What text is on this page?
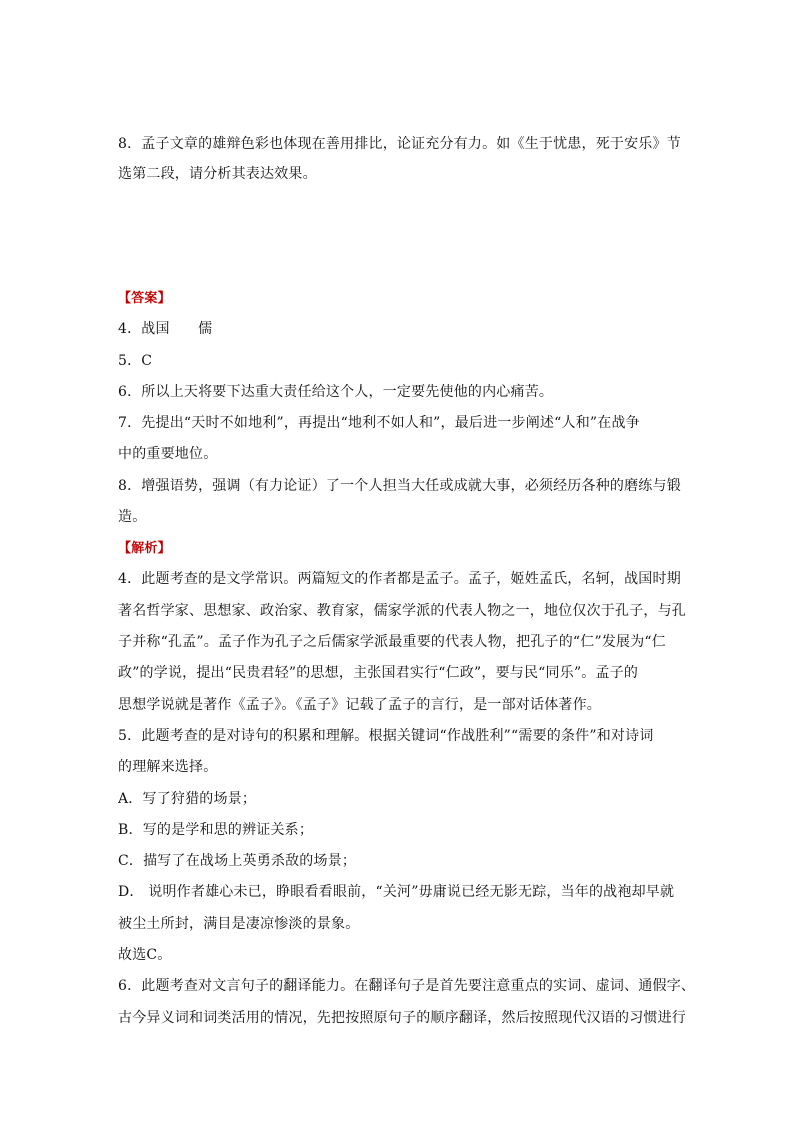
8．孟子文章的雄辩色彩也体现在善用排比，论证充分有力。如《生于忧患，死于安乐》节
选第二段，请分析其表达效果。
【答案】
4．战国　　儒
5．C
6．所以上天将要下达重大责任给这个人，一定要先使他的内心痛苦。
7．先提出“天时不如地利”，再提出“地利不如人和”，最后进一步阐述“人和”在战争
中的重要地位。
8．增强语势，强调（有力论证）了一个人担当大任或成就大事，必须经历各种的磨练与锻
造。
【解析】
4．此题考查的是文学常识。两篇短文的作者都是孟子。孟子，姬姓孟氏，名轲，战国时期
著名哲学家、思想家、政治家、教育家，儒家学派的代表人物之一，地位仅次于孔子，与孔
子并称“孔孟”。孟子作为孔子之后儒家学派最重要的代表人物，把孔子的“仁”发展为“仁
政”的学说，提出“民贵君轻”的思想，主张国君实行“仁政”，要与民“同乐”。孟子的
思想学说就是著作《孟子》。《孟子》记载了孟子的言行，是一部对话体著作。
5．此题考查的是对诗句的积累和理解。根据关键词“作战胜利”“需要的条件”和对诗词
的理解来选择。
A．写了狩猎的场景；
B．写的是学和思的辨证关系；
C．描写了在战场上英勇杀敌的场景；
D． 说明作者雄心未已，睁眼看看眼前，“关河”毋庸说已经无影无踪，当年的战袍却早就
被尘土所封，满目是凄凉惨淡的景象。
故选C。
6．此题考查对文言句子的翻译能力。在翻译句子是首先要注意重点的实词、虚词、通假字、
古今异义词和词类活用的情况，先把按照原句子的顺序翻译，然后按照现代汉语的习惯进行
